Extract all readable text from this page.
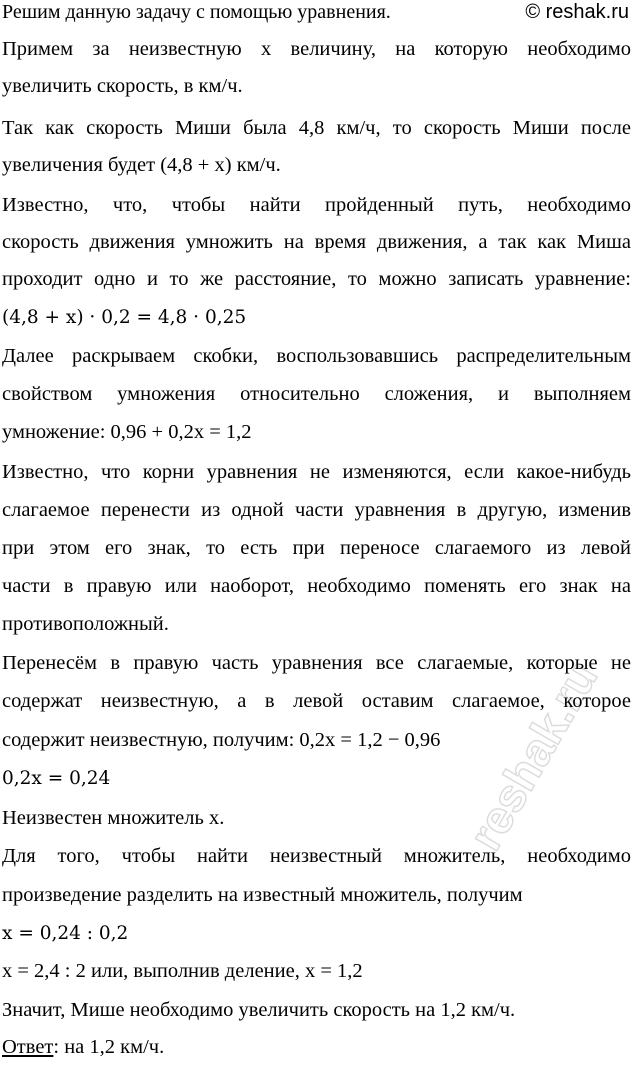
Решим данную задачу с помощью уравнения.	© reshak.ru
Примем за неизвестную x величину, на которую необходимо
увеличить скорость, в км/ч.
Так как скорость Миши была 4,8 км/ч, то скорость Миши после
увеличения будет (4,8 + x) км/ч.
Известно, что, чтобы найти пройденный путь, необходимо
скорость движения умножить на время движения, а так как Миша
проходит одно и то же расстояние, то можно записать уравнение:
(4,8 + x) · 0,2 = 4,8 · 0,25
Далее раскрываем скобки, воспользовавшись распределительным
свойством умножения относительно сложения, и выполняем
умножение: 0,96 + 0,2x = 1,2
Известно, что корни уравнения не изменяются, если какое-нибудь
слагаемое перенести из одной части уравнения в другую, изменив
при этом его знак, то есть при переносе слагаемого из левой
части в правую или наоборот, необходимо поменять его знак на
противоположный.
Перенесём в правую часть уравнения все слагаемые, которые не
содержат неизвестную, а в левой оставим слагаемое, которое
содержит неизвестную, получим: 0,2x = 1,2 − 0,96
0,2x = 0,24
Неизвестен множитель x.
Для того, чтобы найти неизвестный множитель, необходимо
произведение разделить на известный множитель, получим
x = 0,24 : 0,2
x = 2,4 : 2 или, выполнив деление, x = 1,2
Значит, Мише необходимо увеличить скорость на 1,2 км/ч.
Ответ: на 1,2 км/ч.
reshak.ru
